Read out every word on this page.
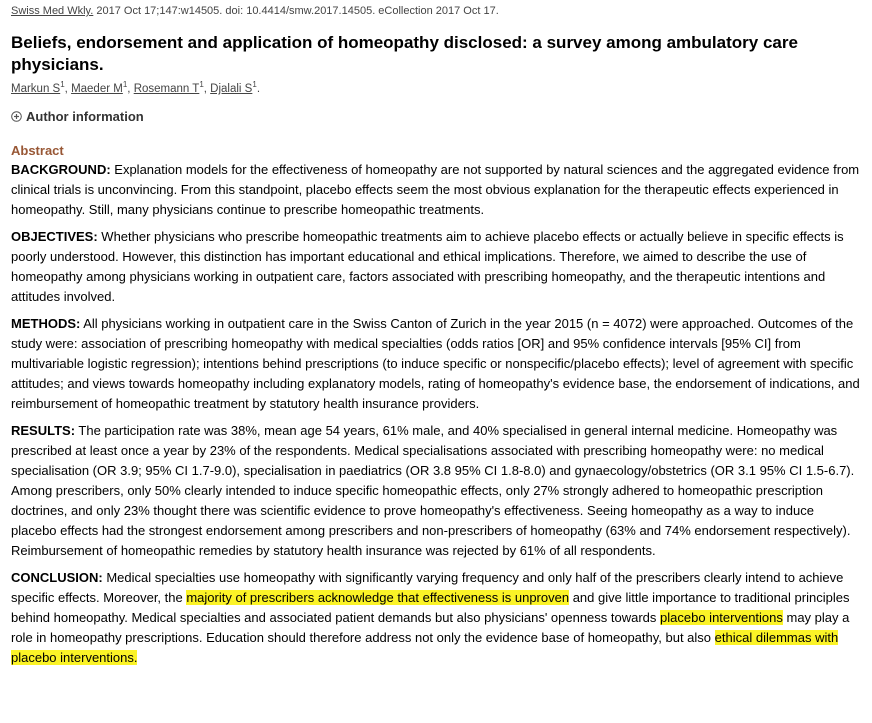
Swiss Med Wkly. 2017 Oct 17;147:w14505. doi: 10.4414/smw.2017.14505. eCollection 2017 Oct 17.
Beliefs, endorsement and application of homeopathy disclosed: a survey among ambulatory care physicians.
Markun $S^1$, Maeder $M^1$, Rosemann $T^1$, Djalali $S^1$.
Author information
Abstract

BACKGROUND: Explanation models for the effectiveness of homeopathy are not supported by natural sciences and the aggregated evidence from clinical trials is unconvincing. From this standpoint, placebo effects seem the most obvious explanation for the therapeutic effects experienced in homeopathy. Still, many physicians continue to prescribe homeopathic treatments.

OBJECTIVES: Whether physicians who prescribe homeopathic treatments aim to achieve placebo effects or actually believe in specific effects is poorly understood. However, this distinction has important educational and ethical implications. Therefore, we aimed to describe the use of homeopathy among physicians working in outpatient care, factors associated with prescribing homeopathy, and the therapeutic intentions and attitudes involved.

METHODS: All physicians working in outpatient care in the Swiss Canton of Zurich in the year 2015 (n = 4072) were approached. Outcomes of the study were: association of prescribing homeopathy with medical specialties (odds ratios [OR] and 95% confidence intervals [95% CI] from multivariable logistic regression); intentions behind prescriptions (to induce specific or nonspecific/placebo effects); level of agreement with specific attitudes; and views towards homeopathy including explanatory models, rating of homeopathy's evidence base, the endorsement of indications, and reimbursement of homeopathic treatment by statutory health insurance providers.

RESULTS: The participation rate was 38%, mean age 54 years, 61% male, and 40% specialised in general internal medicine. Homeopathy was prescribed at least once a year by 23% of the respondents. Medical specialisations associated with prescribing homeopathy were: no medical specialisation (OR 3.9; 95% CI 1.7-9.0), specialisation in paediatrics (OR 3.8 95% CI 1.8-8.0) and gynaecology/obstetrics (OR 3.1 95% CI 1.5-6.7). Among prescribers, only 50% clearly intended to induce specific homeopathic effects, only 27% strongly adhered to homeopathic prescription doctrines, and only 23% thought there was scientific evidence to prove homeopathy's effectiveness. Seeing homeopathy as a way to induce placebo effects had the strongest endorsement among prescribers and non-prescribers of homeopathy (63% and 74% endorsement respectively). Reimbursement of homeopathic remedies by statutory health insurance was rejected by 61% of all respondents.

CONCLUSION: Medical specialties use homeopathy with significantly varying frequency and only half of the prescribers clearly intend to achieve specific effects. Moreover, the majority of prescribers acknowledge that effectiveness is unproven and give little importance to traditional principles behind homeopathy. Medical specialties and associated patient demands but also physicians' openness towards placebo interventions may play a role in homeopathy prescriptions. Education should therefore address not only the evidence base of homeopathy, but also ethical dilemmas with placebo interventions.
